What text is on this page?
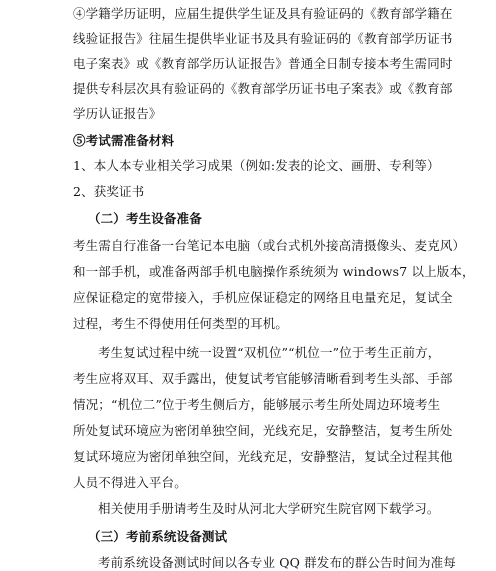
④学籍学历证明，应届生提供学生证及具有验证码的《教育部学籍在
线验证报告》往届生提供毕业证书及具有验证码的《教育部学历证书
电子案表》或《教育部学历认证报告》普通全日制专接本考生需同时
提供专科层次具有验证码的《教育部学历证书电子案表》或《教育部
学历认证报告》
⑤考试需准备材料
1、本人本专业相关学习成果（例如:发表的论文、画册、专利等）
2、获奖证书
（二）考生设备准备
考生需自行准备一台笔记本电脑（或台式机外接高清摄像头、麦克风）
和一部手机，或准备两部手机电脑操作系统须为 windows7 以上版本，
应保证稳定的宽带接入，手机应保证稳定的网络且电量充足，复试全
过程，考生不得使用任何类型的耳机。
考生复试过程中统一设置“双机位”“机位一”位于考生正前方，
考生应将双耳、双手露出，使复试考官能够清晰看到考生头部、手部
情况；“机位二”位于考生侧后方，能够展示考生所处周边环境考生
所处复试环境应为密闭单独空间，光线充足，安静整洁，复考生所处
复试环境应为密闭单独空间，光线充足，安静整洁，复试全过程其他
人员不得进入平台。
相关使用手册请考生及时从河北大学研究生院官网下载学习。
（三）考前系统设备测试
考前系统设备测试时间以各专业 QQ 群发布的群公告时间为准每
